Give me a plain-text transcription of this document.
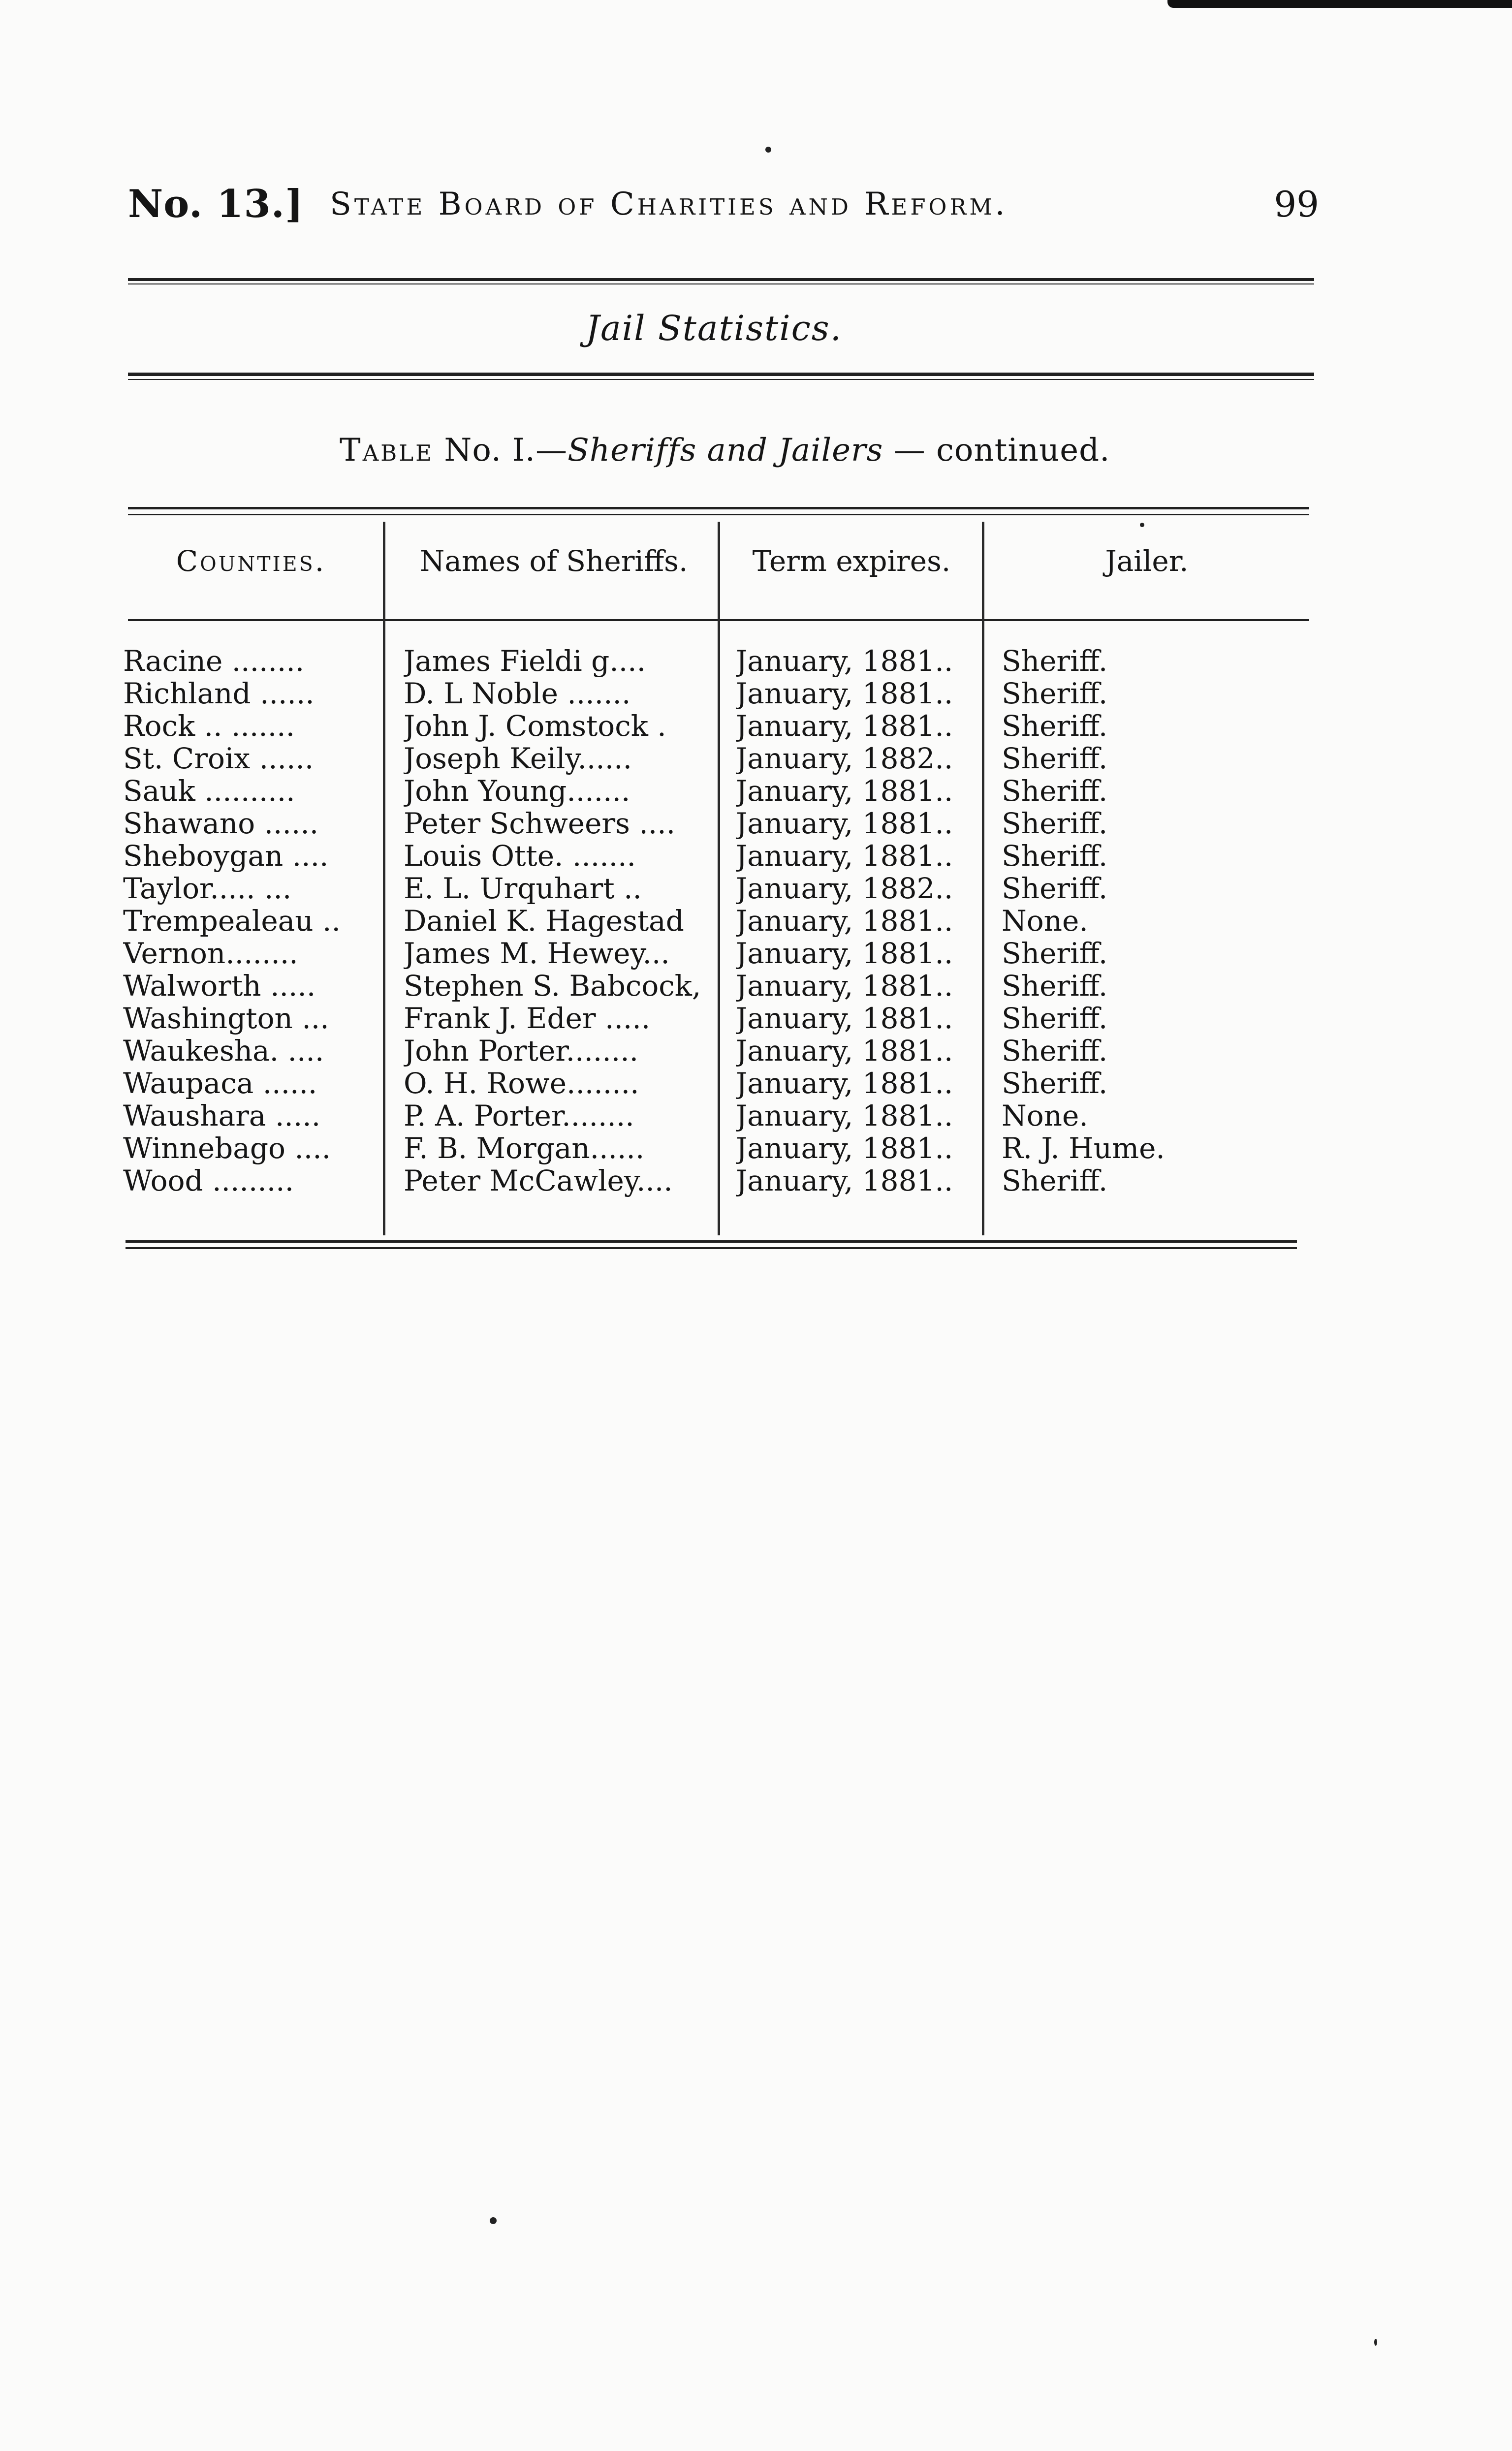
No. 13.] State Board of Charities and Reform.	99
Jail Statistics.
Table No. I.—Sheriffs and Jailers — continued.
Counties.	Names of Sheriffs.	Term expires.	Jailer.
Racine ........	James Fieldi g....	January, 1881..	Sheriff.
Richland ......	D. L Noble .......	January, 1881..	Sheriff.
Rock .. .......	John J. Comstock .	January, 1881..	Sheriff.
St. Croix ......	Joseph Keily......	January, 1882..	Sheriff.
Sauk ..........	John Young.......	January, 1881..	Sheriff.
Shawano ......	Peter Schweers ....	January, 1881..	Sheriff.
Sheboygan ....	Louis Otte. .......	January, 1881..	Sheriff.
Taylor..... ...	E. L. Urquhart ..	January, 1882..	Sheriff.
Trempealeau ..	Daniel K. Hagestad	January, 1881..	None.
Vernon........	James M. Hewey...	January, 1881..	Sheriff.
Walworth .....	Stephen S. Babcock,	January, 1881..	Sheriff.
Washington ...	Frank J. Eder .....	January, 1881..	Sheriff.
Waukesha. ....	John Porter........	January, 1881..	Sheriff.
Waupaca ......	O. H. Rowe........	January, 1881..	Sheriff.
Waushara .....	P. A. Porter........	January, 1881..	None.
Winnebago ....	F. B. Morgan......	January, 1881..	R. J. Hume.
Wood .........	Peter McCawley....	January, 1881..	Sheriff.
